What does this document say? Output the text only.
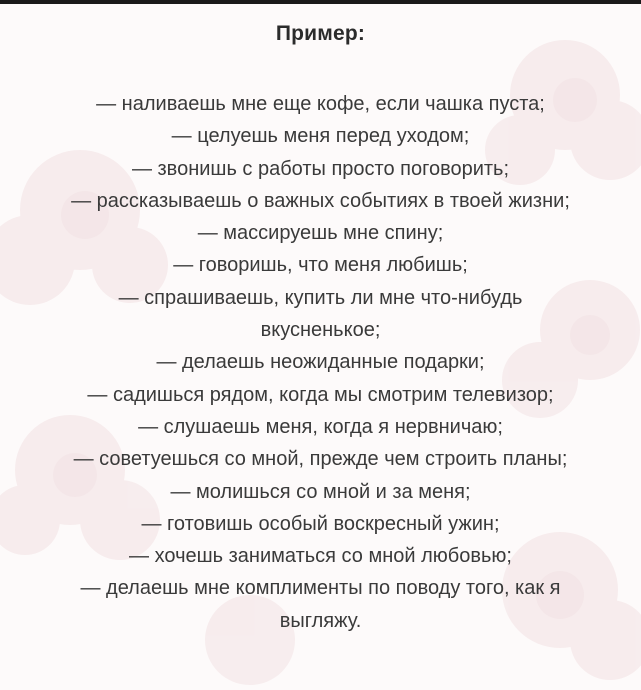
Пример:
— наливаешь мне еще кофе, если чашка пуста;
— целуешь меня перед уходом;
— звонишь с работы просто поговорить;
— рассказываешь о важных событиях в твоей жизни;
— массируешь мне спину;
— говоришь, что меня любишь;
— спрашиваешь, купить ли мне что-нибудь
вкусненькое;
— делаешь неожиданные подарки;
— садишься рядом, когда мы смотрим телевизор;
— слушаешь меня, когда я нервничаю;
— советуешься со мной, прежде чем строить планы;
— молишься со мной и за меня;
— готовишь особый воскресный ужин;
— хочешь заниматься со мной любовью;
— делаешь мне комплименты по поводу того, как я
выгляжу.
